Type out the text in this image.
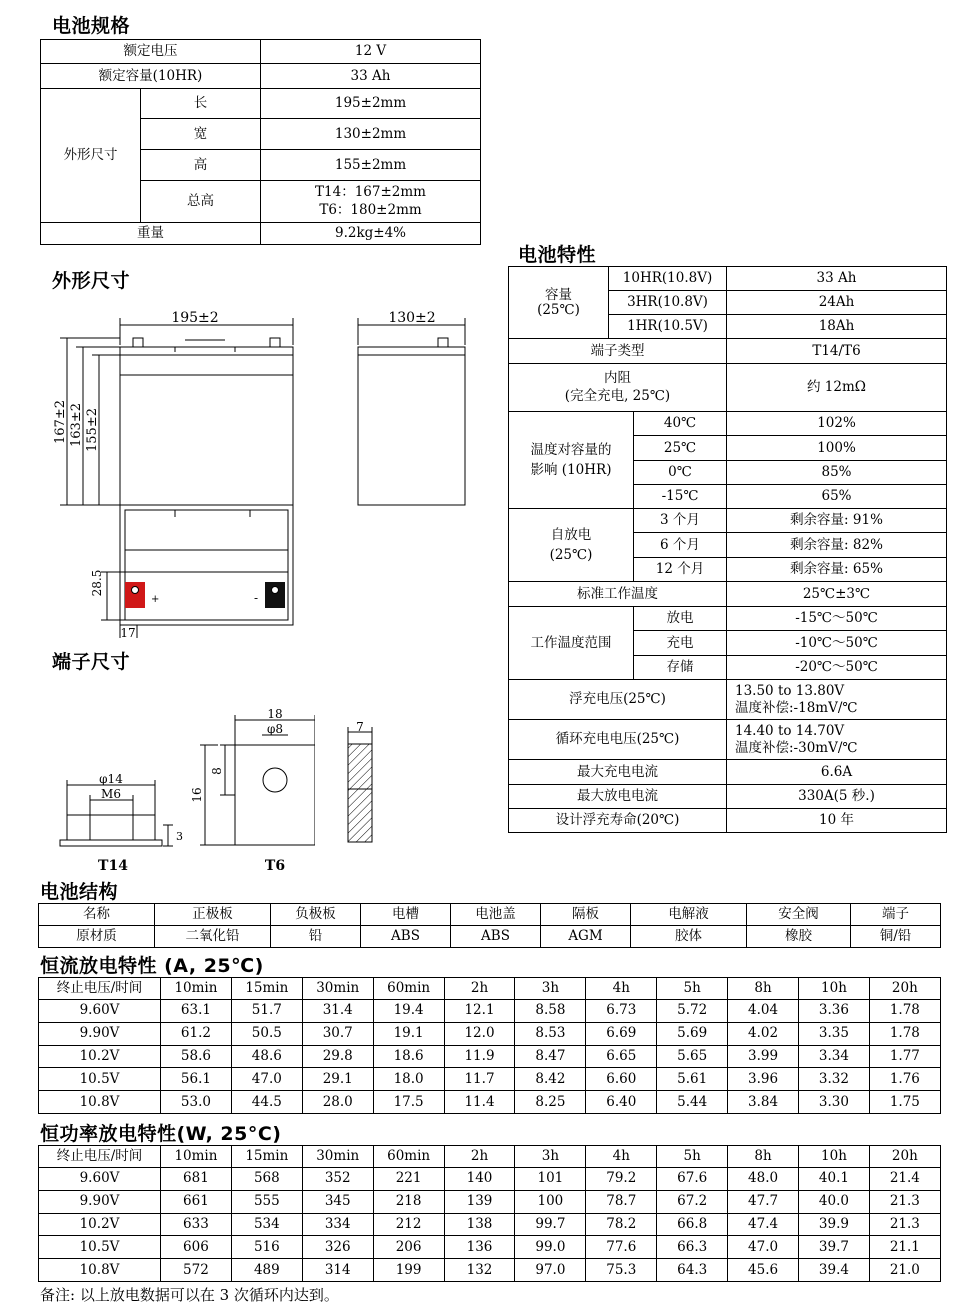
电池规格
额定电压		12 V
额定容量(10HR)		33 Ah
外形尺寸	长	195±2mm
	宽	130±2mm
	高	155±2mm
	总高	T14：167±2mm
T6：180±2mm

重量		9.2kg±4%
外形尺寸
195±2
167±2 163±2 155±2
28.5
17
+	-
130±2
端子尺寸
φ14
M6
3
T14
18
φ8
8
16
T6
7
电池特性
容量
(25℃)	10HR(10.8V)		33 Ah
	3HR(10.8V)		24Ah
	1HR(10.5V)		18Ah
端子类型			T14/T6

内阻
(完全充电, 25℃)			约 12mΩ

温度对容量的
影响 (10HR)		40℃	102%
		25℃	100%
		0℃	85%
		-15℃	65%

自放电
(25℃)		3 个月	剩余容量: 91%
		6 个月	剩余容量: 82%
		12 个月	剩余容量: 65%
标准工作温度			25℃±3℃
工作温度范围		放电	-15℃～50℃
		充电	-10℃～50℃
		存储	-20℃～50℃
浮充电压(25℃)			13.50 to 13.80V
温度补偿:-18mV/℃

循环充电电压(25℃)			14.40 to 14.70V
温度补偿:-30mV/℃

最大充电电流			6.6A
最大放电电流			330A(5 秒.)
设计浮充寿命(20℃)			10 年
电池结构
名称	正极板	负极板	电槽	电池盖	隔板	电解液	安全阀	端子
原材质	二氧化铅	铅	ABS	ABS	AGM	胶体	橡胶	铜/铅
恒流放电特性 (A, 25℃)
终止电压/时间	10min	15min	30min	60min	2h	3h	4h	5h	8h	10h	20h
9.60V	63.1	51.7	31.4	19.4	12.1	8.58	6.73	5.72	4.04	3.36	1.78
9.90V	61.2	50.5	30.7	19.1	12.0	8.53	6.69	5.69	4.02	3.35	1.78
10.2V	58.6	48.6	29.8	18.6	11.9	8.47	6.65	5.65	3.99	3.34	1.77
10.5V	56.1	47.0	29.1	18.0	11.7	8.42	6.60	5.61	3.96	3.32	1.76
10.8V	53.0	44.5	28.0	17.5	11.4	8.25	6.40	5.44	3.84	3.30	1.75
恒功率放电特性(W, 25°C)
终止电压/时间	10min	15min	30min	60min	2h	3h	4h	5h	8h	10h	20h
9.60V	681	568	352	221	140	101	79.2	67.6	48.0	40.1	21.4
9.90V	661	555	345	218	139	100	78.7	67.2	47.7	40.0	21.3
10.2V	633	534	334	212	138	99.7	78.2	66.8	47.4	39.9	21.3
10.5V	606	516	326	206	136	99.0	77.6	66.3	47.0	39.7	21.1
10.8V	572	489	314	199	132	97.0	75.3	64.3	45.6	39.4	21.0
备注: 以上放电数据可以在 3 次循环内达到。
